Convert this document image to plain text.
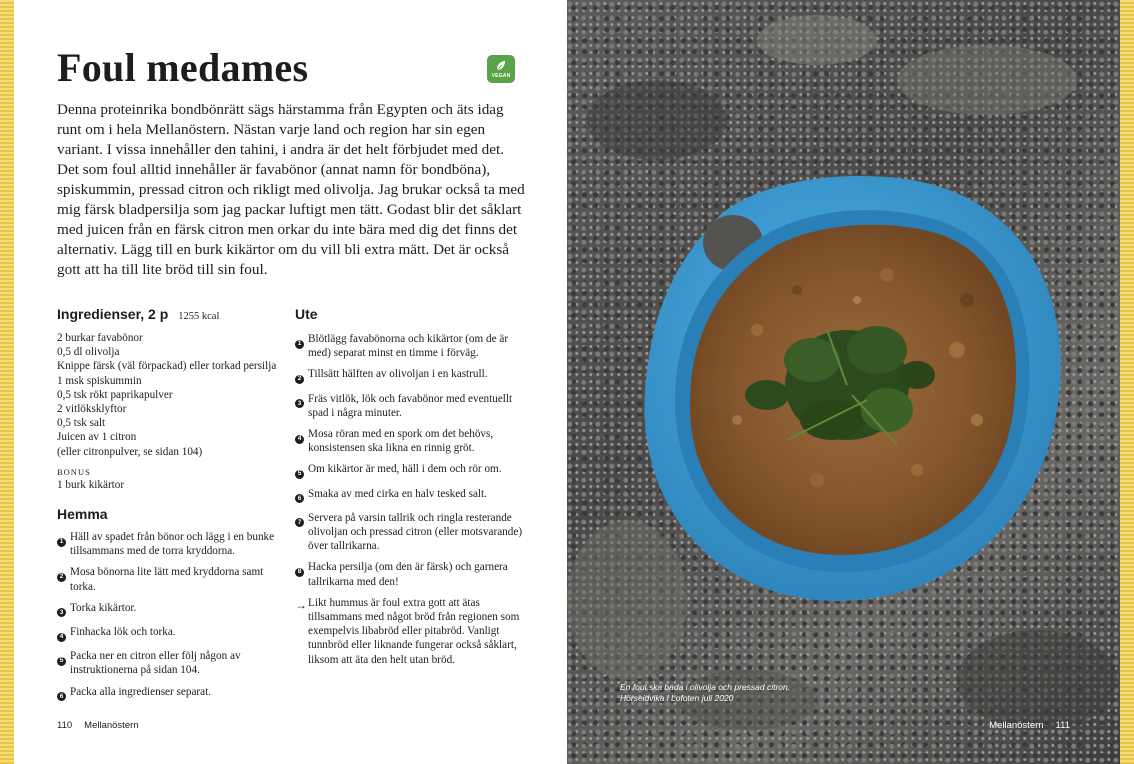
Foul medames	VEGAN

Denna proteinrika bondbönrätt sägs härstamma från Egypten och äts idag runt om i hela Mellanöstern. Nästan varje land och region har sin egen variant. I vissa innehåller den tahini, i andra är det helt förbjudet med det. Det som foul alltid innehåller är favabönor (annat namn för bondböna), spiskummin, pressad citron och rikligt med olivolja. Jag brukar också ta med mig färsk bladpersilja som jag packar luftigt men tätt. Godast blir det såklart med juicen från en färsk citron men orkar du inte bära med dig det finns det alternativ. Lägg till en burk kikärtor om du vill bli extra mätt. Det är också gott att ha till lite bröd till sin foul.

Ingredienser, 2 p 1255 kcal
2 burkar favabönor
0,5 dl olivolja
Knippe färsk (väl förpackad) eller torkad persilja
1 msk spiskummin
0,5 tsk rökt paprikapulver
2 vitlöksklyftor
0,5 tsk salt
Juicen av 1 citron
(eller citronpulver, se sidan 104)
BONUS
1 burk kikärtor
Hemma
1 Häll av spadet från bönor och lägg i en bunke tillsammans med de torra kryddorna.
2 Mosa bönorna lite lätt med kryddorna samt torka.
3 Torka kikärtor.
4 Finhacka lök och torka.
5 Packa ner en citron eller följ någon av instruktionerna på sidan 104.
6 Packa alla ingredienser separat.
Ute
1 Blötlägg favabönorna och kikärtor (om de är med) separat minst en timme i förväg.
2 Tillsätt hälften av olivoljan i en kastrull.
3 Fräs vitlök, lök och favabönor med eventuellt spad i några minuter.
4 Mosa röran med en spork om det behövs, konsistensen ska likna en rinnig gröt.
5 Om kikärtor är med, häll i dem och rör om.
6 Smaka av med cirka en halv tesked salt.
7 Servera på varsin tallrik och ringla resterande olivoljan och pressad citron (eller motsvarande) över tallrikarna.
8 Hacka persilja (om den är färsk) och garnera tallrikarna med den!
→ Likt hummus är foul extra gott att ätas tillsammans med något bröd från regionen som exempelvis libabröd eller pitabröd. Vanligt tunnbröd eller liknande fungerar också såklart, liksom att äta den helt utan bröd.
110 Mellanöstern
En foul ska bada i olivolja och pressad citron.
Hörseidvika i Lofoten juli 2020
Mellanöstern 111
